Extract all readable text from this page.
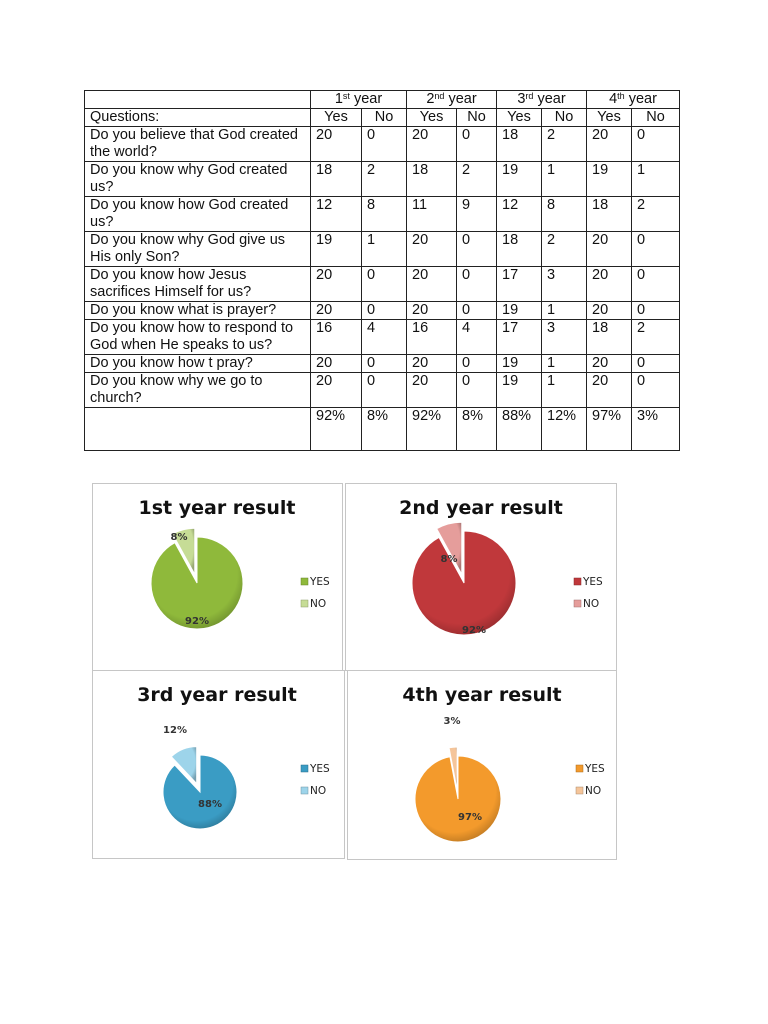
	1st year		2nd year		3rd year		4th year	
Questions:	Yes	No	Yes	No	Yes	No	Yes	No
Do you believe that God created the world?	20	0	20	0	18	2	20	0
Do you know why God created us?	18	2	18	2	19	1	19	1
Do you know how God created us?	12	8	11	9	12	8	18	2
Do you know why God give us His only Son?	19	1	20	0	18	2	20	0
Do you know how Jesus sacrifices Himself for us?	20	0	20	0	17	3	20	0
Do you know what is prayer?	20	0	20	0	19	1	20	0
Do you know how to respond to God when He speaks to us?	16	4	16	4	17	3	18	2
Do you know how t pray?	20	0	20	0	19	1	20	0
Do you know why we go to church?	20	0	20	0	19	1	20	0
	92%	8%	92%	8%	88%	12%	97%	3%
1st year result
92%
8%
YES
NO
2nd year result
92%
8%
YES
NO
3rd year result
88%
12%
YES
NO
4th year result
97%
3%
YES
NO
